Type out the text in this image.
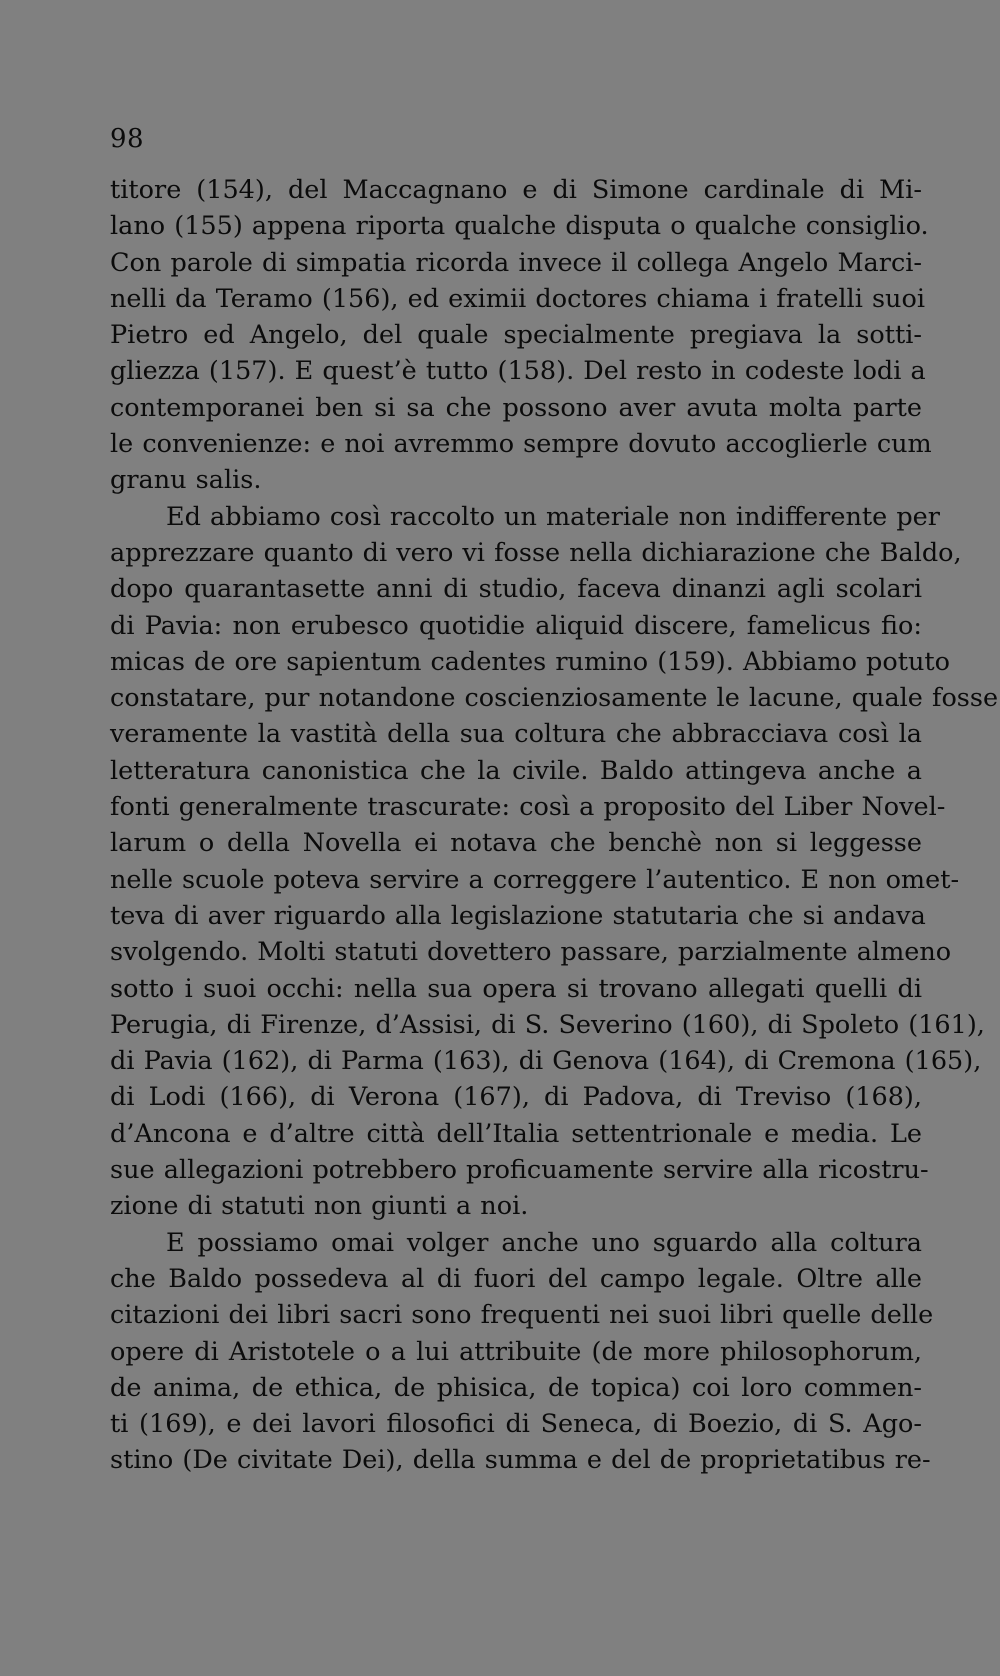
98

titore (154), del Maccagnano e di Simone cardinale di Mi-
lano (155) appena riporta qualche disputa o qualche consiglio.
Con parole di simpatia ricorda invece il collega Angelo Marci-
nelli da Teramo (156), ed eximii doctores chiama i fratelli suoi
Pietro ed Angelo, del quale specialmente pregiava la sotti-
gliezza (157). E quest’è tutto (158). Del resto in codeste lodi a
contemporanei ben si sa che possono aver avuta molta parte
le convenienze: e noi avremmo sempre dovuto accoglierle cum
granu salis.

Ed abbiamo così raccolto un materiale non indifferente per
apprezzare quanto di vero vi fosse nella dichiarazione che Baldo,
dopo quarantasette anni di studio, faceva dinanzi agli scolari
di Pavia: non erubesco quotidie aliquid discere, famelicus fio:
micas de ore sapientum cadentes rumino (159). Abbiamo potuto
constatare, pur notandone coscienziosamente le lacune, quale fosse
veramente la vastità della sua coltura che abbracciava così la
letteratura canonistica che la civile. Baldo attingeva anche a
fonti generalmente trascurate: così a proposito del Liber Novel-
larum o della Novella ei notava che benchè non si leggesse
nelle scuole poteva servire a correggere l’autentico. E non omet-
teva di aver riguardo alla legislazione statutaria che si andava
svolgendo. Molti statuti dovettero passare, parzialmente almeno
sotto i suoi occhi: nella sua opera si trovano allegati quelli di
Perugia, di Firenze, d’Assisi, di S. Severino (160), di Spoleto (161),
di Pavia (162), di Parma (163), di Genova (164), di Cremona (165),
di Lodi (166), di Verona (167), di Padova, di Treviso (168),
d’Ancona e d’altre città dell’Italia settentrionale e media. Le
sue allegazioni potrebbero proficuamente servire alla ricostru-
zione di statuti non giunti a noi.

E possiamo omai volger anche uno sguardo alla coltura
che Baldo possedeva al di fuori del campo legale. Oltre alle
citazioni dei libri sacri sono frequenti nei suoi libri quelle delle
opere di Aristotele o a lui attribuite (de more philosophorum,
de anima, de ethica, de phisica, de topica) coi loro commen-
ti (169), e dei lavori filosofici di Seneca, di Boezio, di S. Ago-
stino (De civitate Dei), della summa e del de proprietatibus re-
